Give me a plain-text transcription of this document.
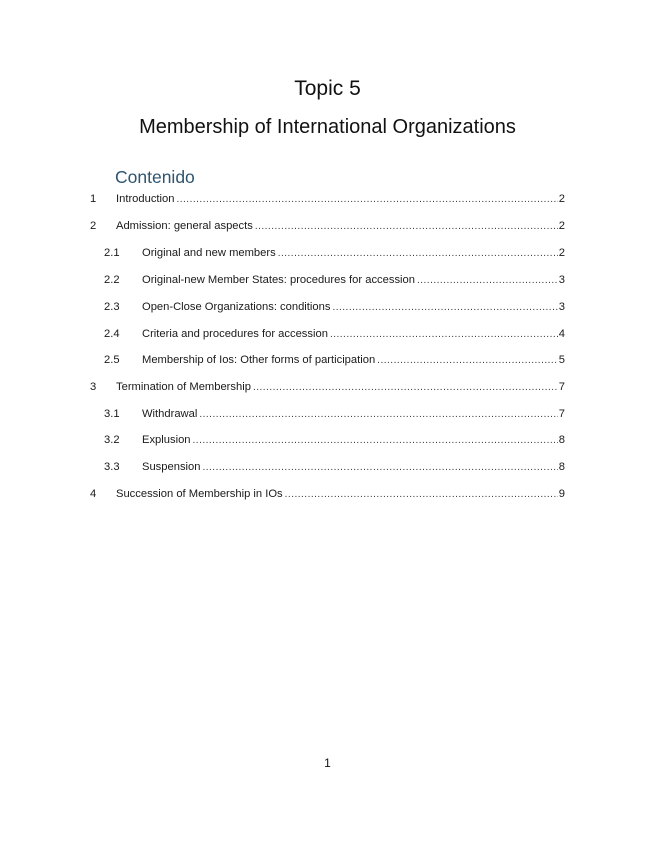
Topic 5
Membership of International Organizations
Contenido
1	Introduction .....	2
2	Admission: general aspects .....	2
2.1	Original and new members .....	2
2.2	Original-new Member States: procedures for accession .....	3
2.3	Open-Close Organizations: conditions .....	3
2.4	Criteria and procedures for accession .....	4
2.5	Membership of Ios: Other forms of participation .....	5
3	Termination of Membership .....	7
3.1	Withdrawal .....	7
3.2	Explusion .....	8
3.3	Suspension .....	8
4	Succession of Membership in IOs .....	9
1
